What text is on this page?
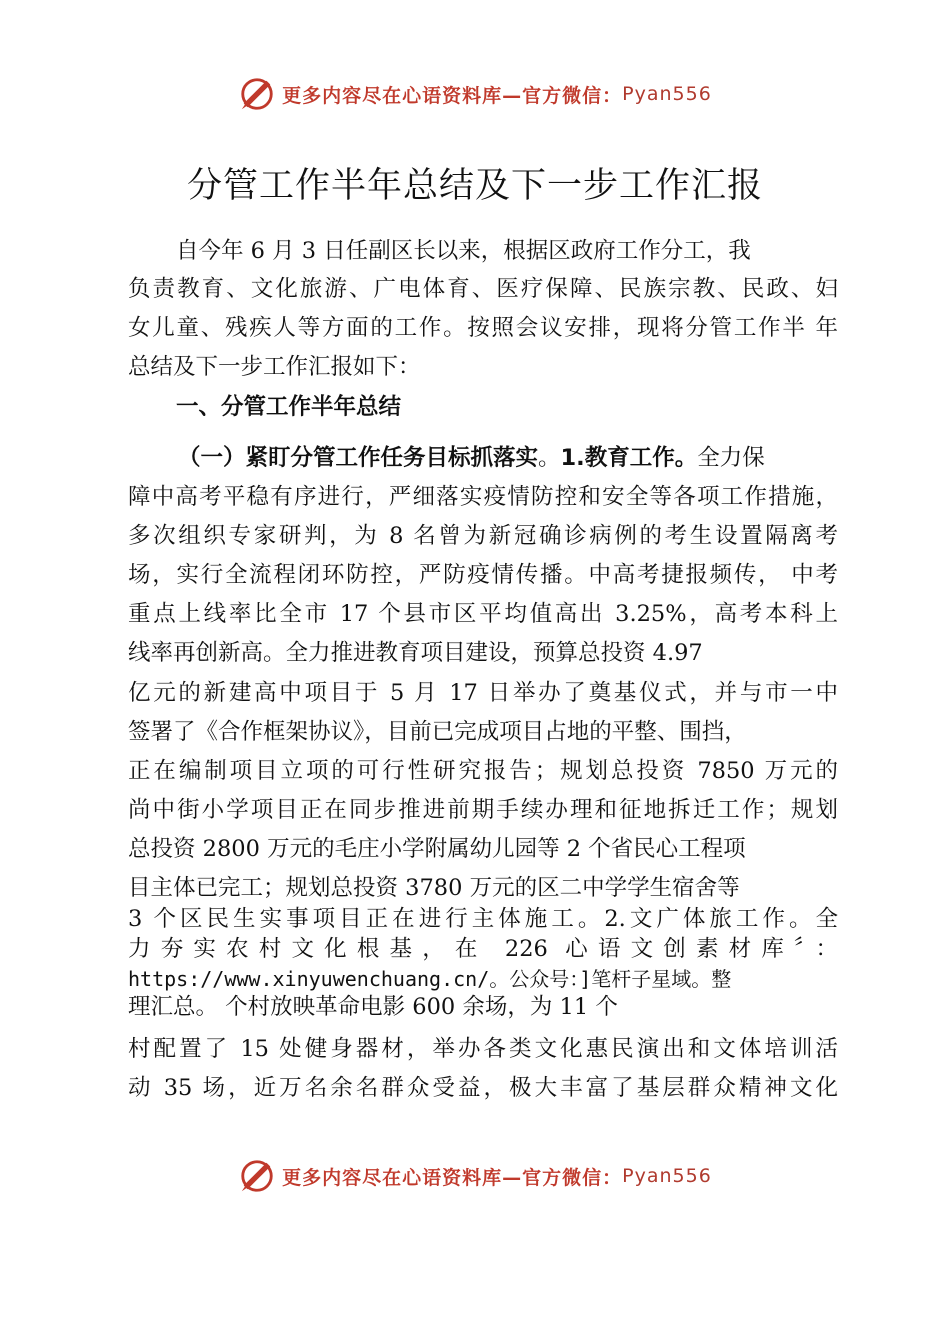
更多内容尽在心语资料库—官方微信： Pyan556
分管工作半年总结及下一步工作汇报

自今年 6 月 3 日任副区长以来，根据区政府工作分工，我

负责教育、文化旅游、广电体育、医疗保障、民族宗教、民政、妇

女儿童、残疾人等方面的工作。按照会议安排，现将分管工作半 年

总结及下一步工作汇报如下：

一、分管工作半年总结

（一）紧盯分管工作任务目标抓落实。1.教育工作。全力保

障中高考平稳有序进行，严细落实疫情防控和安全等各项工作措施，

多次组织专家研判，为 8 名曾为新冠确诊病例的考生设置隔离考

场，实行全流程闭环防控，严防疫情传播。中高考捷报频传， 中考

重点上线率比全市 17 个县市区平均值高出 3.25%，高考本科上

线率再创新高。全力推进教育项目建设，预算总投资 4.97

亿元的新建高中项目于 5 月 17 日举办了奠基仪式，并与市一中

签署了《合作框架协议》，目前已完成项目占地的平整、围挡，

正在编制项目立项的可行性研究报告；规划总投资 7850 万元的

尚中街小学项目正在同步推进前期手续办理和征地拆迁工作；规划

总投资 2800 万元的毛庄小学附属幼儿园等 2 个省民心工程项

目主体已完工；规划总投资 3780 万元的区二中学学生宿舍等

3 个区民生实事项目正在进行主体施工。2.文广体旅工作。全

力夯实农村文化根基，在 226 心语文创素材库〞：

https://www.xinyuwenchuang.cn/。公众号：]笔杆子星域。整

理汇总。 个村放映革命电影 600 余场，为 11 个

村配置了 15 处健身器材，举办各类文化惠民演出和文体培训活

动 35 场，近万名余名群众受益，极大丰富了基层群众精神文化

更多内容尽在心语资料库—官方微信： Pyan556
